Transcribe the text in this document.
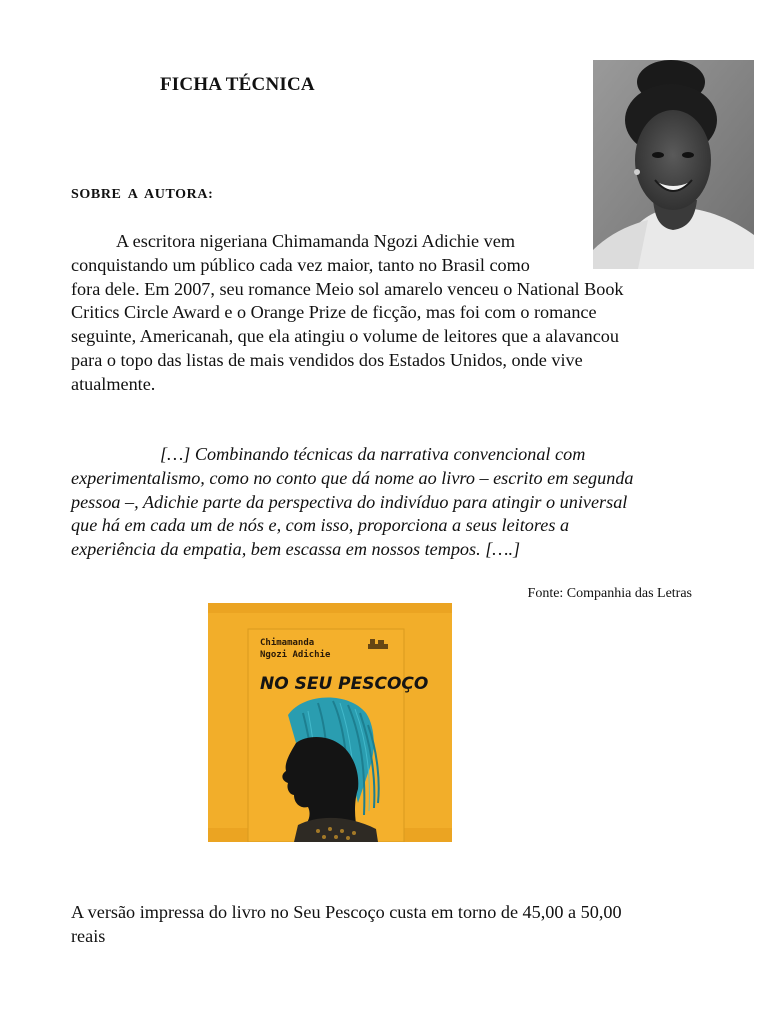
FICHA TÉCNICA

SOBRE A AUTORA:

A escritora nigeriana Chimamanda Ngozi Adichie vem
conquistando um público cada vez maior, tanto no Brasil como
fora dele. Em 2007, seu romance Meio sol amarelo venceu o National Book
Critics Circle Award e o Orange Prize de ficção, mas foi com o romance
seguinte, Americanah, que ela atingiu o volume de leitores que a alavancou
para o topo das listas de mais vendidos dos Estados Unidos, onde vive
atualmente.

[…] Combinando técnicas da narrativa convencional com
experimentalismo, como no conto que dá nome ao livro – escrito em segunda
pessoa –, Adichie parte da perspectiva do indivíduo para atingir o universal
que há em cada um de nós e, com isso, proporciona a seus leitores a
experiência da empatia, bem escassa em nossos tempos. [….]

Fonte: Companhia das Letras

Chimamanda
Ngozi Adichie
NO SEU PESCOÇO

A versão impressa do livro no Seu Pescoço custa em torno de 45,00 a 50,00
reais
